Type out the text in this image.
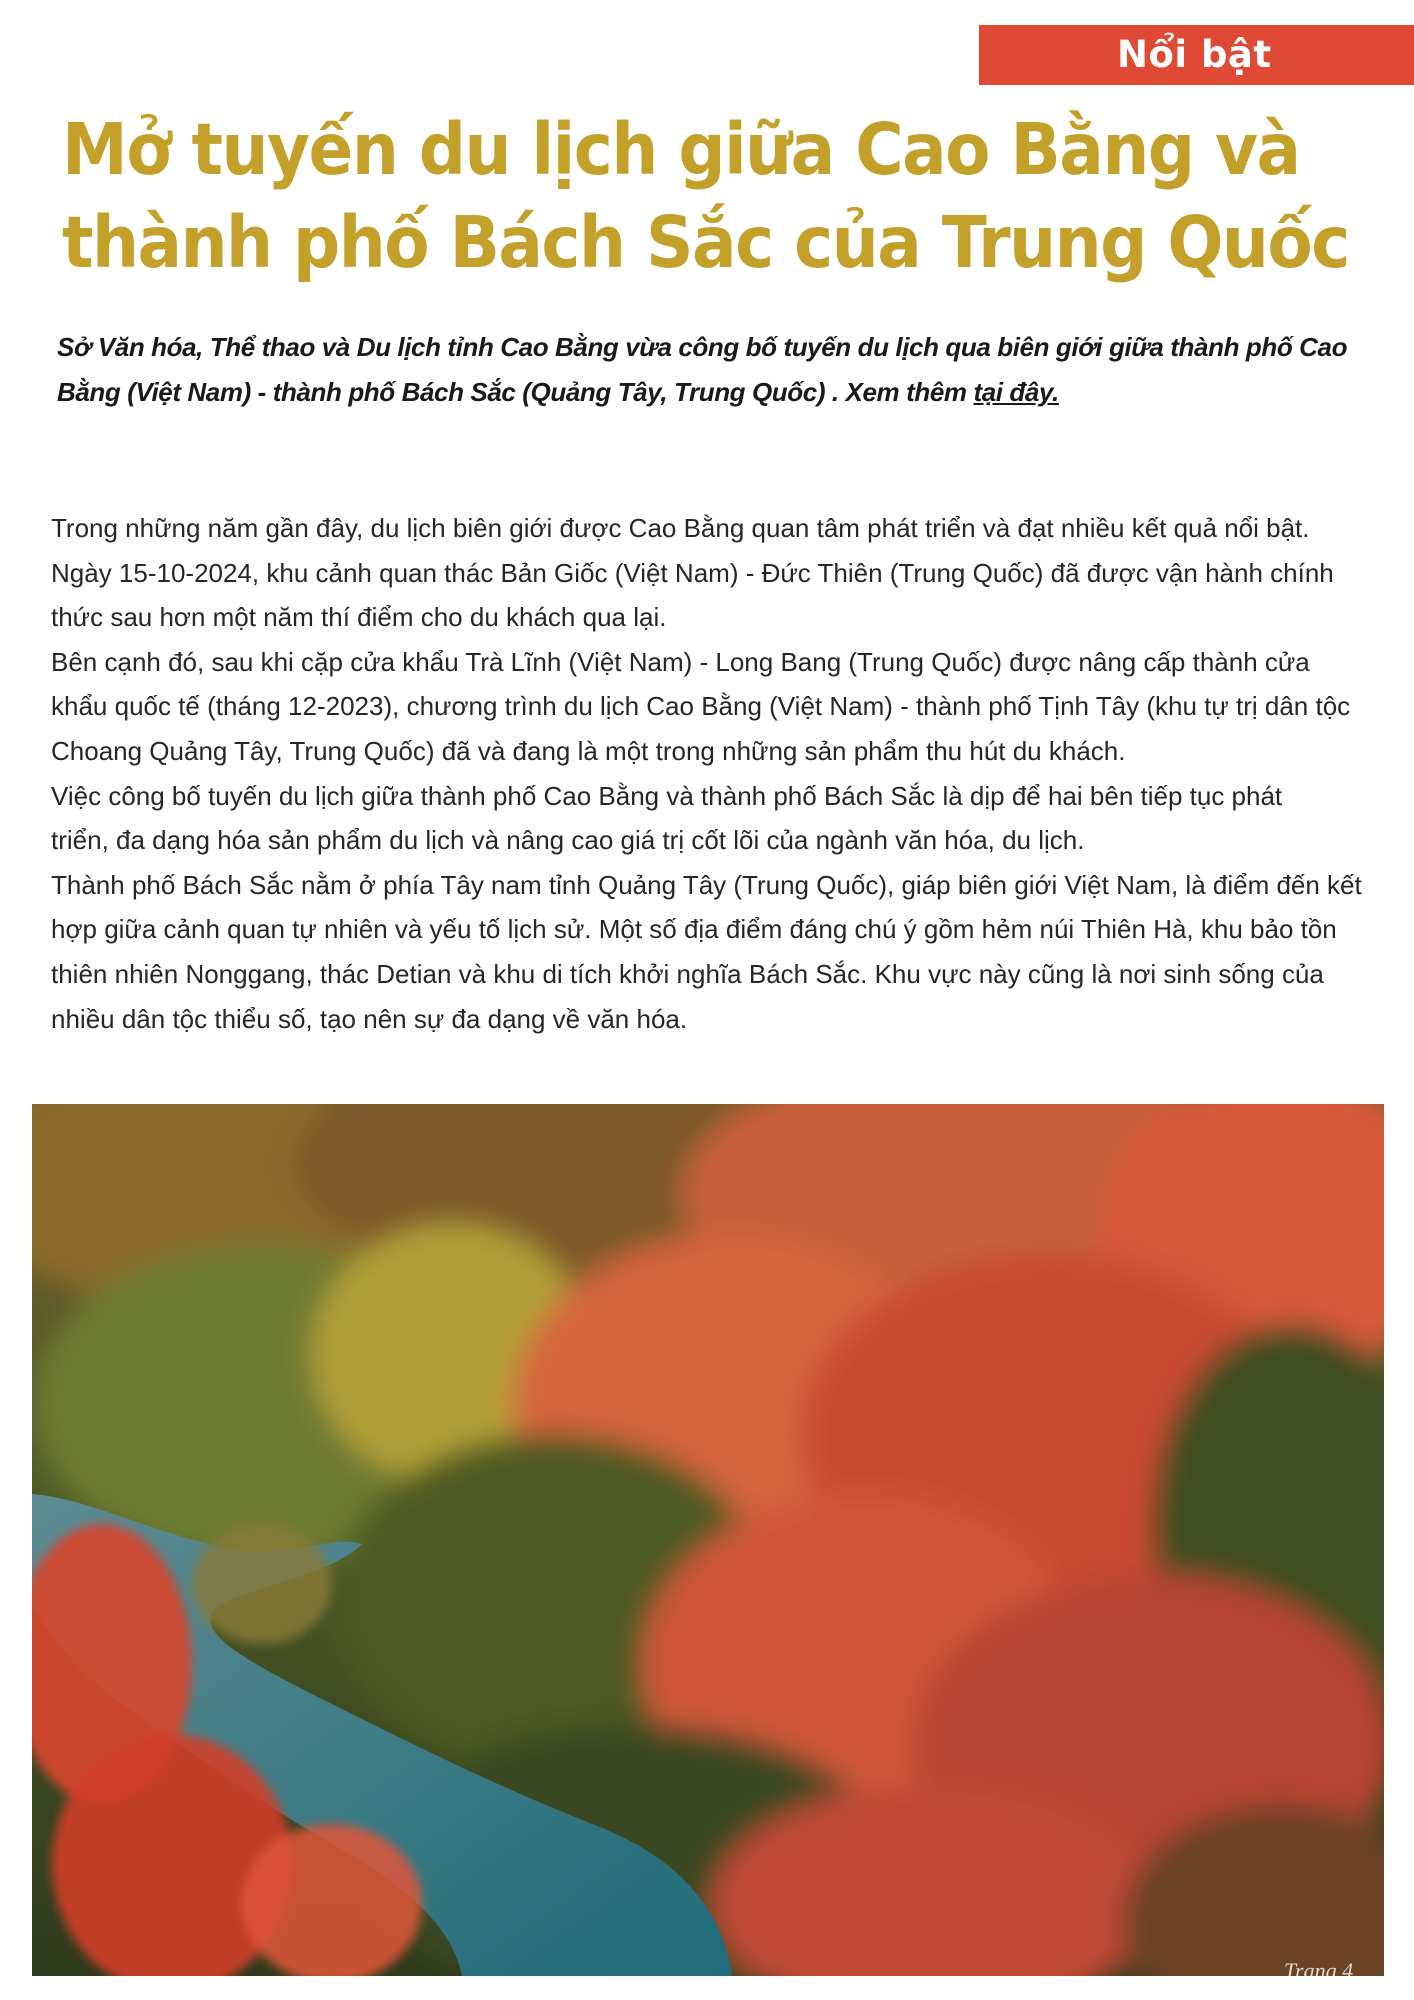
Nổi bật
Mở tuyến du lịch giữa Cao Bằng và
thành phố Bách Sắc của Trung Quốc
Sở Văn hóa, Thể thao và Du lịch tỉnh Cao Bằng vừa công bố tuyến du lịch qua biên giới giữa thành phố Cao
Bằng (Việt Nam) - thành phố Bách Sắc (Quảng Tây, Trung Quốc) . Xem thêm tại đây.
Trong những năm gần đây, du lịch biên giới được Cao Bằng quan tâm phát triển và đạt nhiều kết quả nổi bật.
Ngày 15-10-2024, khu cảnh quan thác Bản Giốc (Việt Nam) - Đức Thiên (Trung Quốc) đã được vận hành chính
thức sau hơn một năm thí điểm cho du khách qua lại.
Bên cạnh đó, sau khi cặp cửa khẩu Trà Lĩnh (Việt Nam) - Long Bang (Trung Quốc) được nâng cấp thành cửa
khẩu quốc tế (tháng 12-2023), chương trình du lịch Cao Bằng (Việt Nam) - thành phố Tịnh Tây (khu tự trị dân tộc
Choang Quảng Tây, Trung Quốc) đã và đang là một trong những sản phẩm thu hút du khách.
Việc công bố tuyến du lịch giữa thành phố Cao Bằng và thành phố Bách Sắc là dịp để hai bên tiếp tục phát
triển, đa dạng hóa sản phẩm du lịch và nâng cao giá trị cốt lõi của ngành văn hóa, du lịch.
Thành phố Bách Sắc nằm ở phía Tây nam tỉnh Quảng Tây (Trung Quốc), giáp biên giới Việt Nam, là điểm đến kết
hợp giữa cảnh quan tự nhiên và yếu tố lịch sử. Một số địa điểm đáng chú ý gồm hẻm núi Thiên Hà, khu bảo tồn
thiên nhiên Nonggang, thác Detian và khu di tích khởi nghĩa Bách Sắc. Khu vực này cũng là nơi sinh sống của
nhiều dân tộc thiểu số, tạo nên sự đa dạng về văn hóa.
Trang 4
